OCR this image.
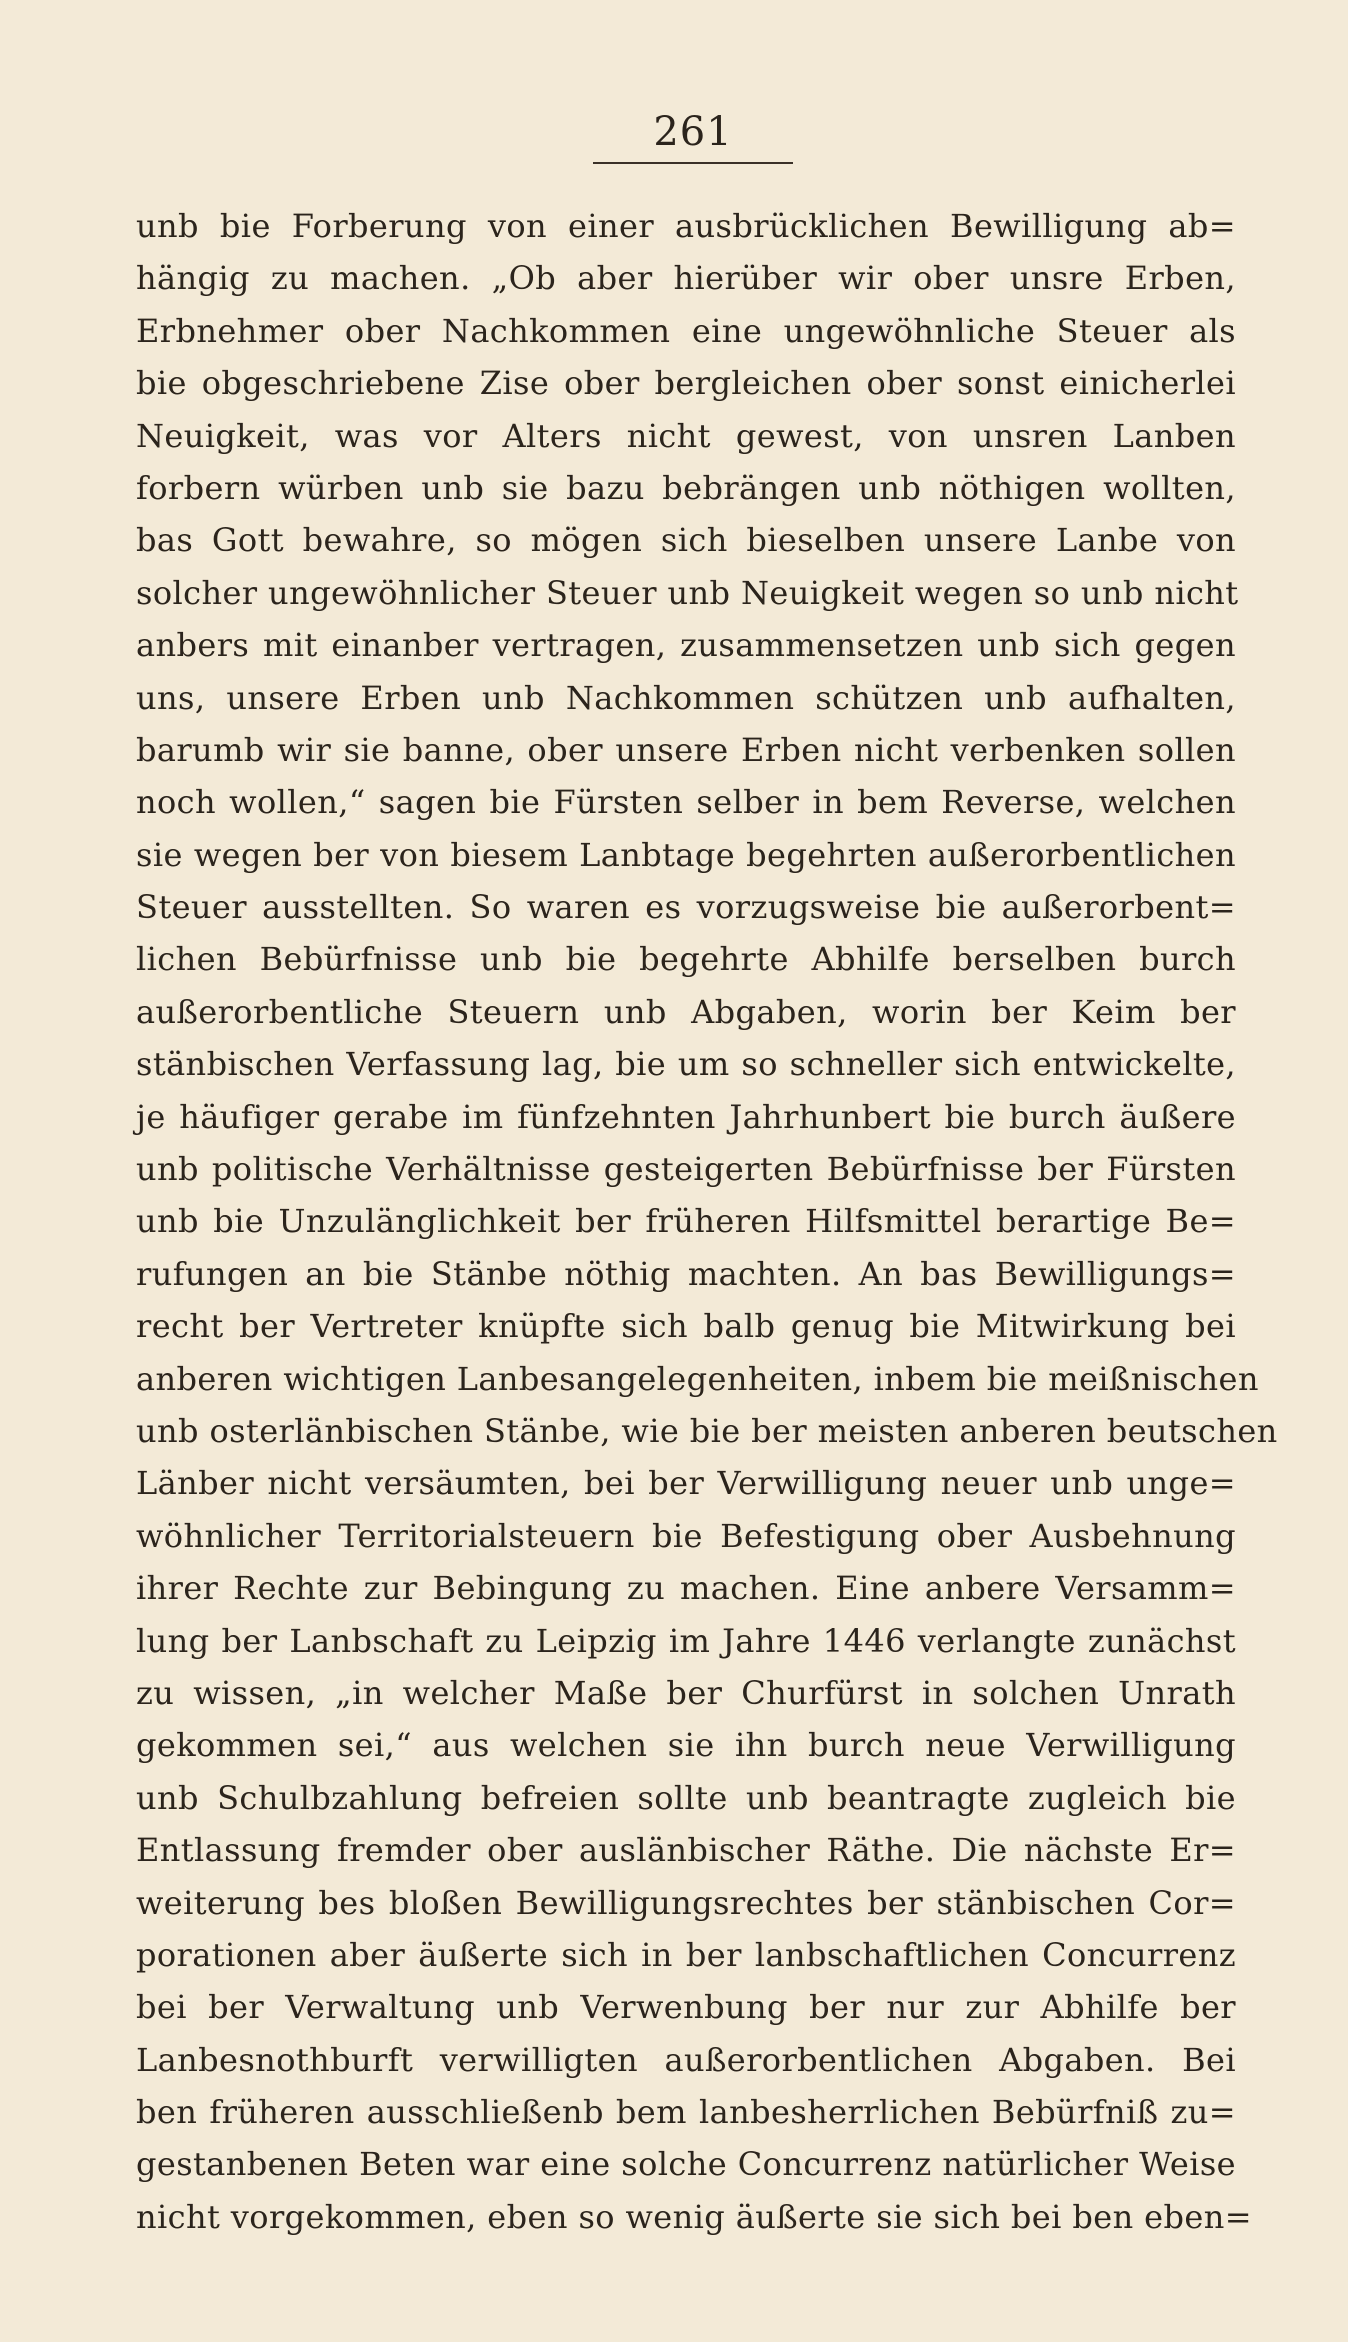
261
unb bie Forberung von einer ausbrücklichen Bewilligung ab=
hängig zu machen. „Ob aber hierüber wir ober unsre Erben,
Erbnehmer ober Nachkommen eine ungewöhnliche Steuer als
bie obgeschriebene Zise ober bergleichen ober sonst einicherlei
Neuigkeit, was vor Alters nicht gewest, von unsren Lanben
forbern würben unb sie bazu bebrängen unb nöthigen wollten,
bas Gott bewahre, so mögen sich bieselben unsere Lanbe von
solcher ungewöhnlicher Steuer unb Neuigkeit wegen so unb nicht
anbers mit einanber vertragen, zusammensetzen unb sich gegen
uns, unsere Erben unb Nachkommen schützen unb aufhalten,
barumb wir sie banne, ober unsere Erben nicht verbenken sollen
noch wollen,“ sagen bie Fürsten selber in bem Reverse, welchen
sie wegen ber von biesem Lanbtage begehrten außerorbentlichen
Steuer ausstellten. So waren es vorzugsweise bie außerorbent=
lichen Bebürfnisse unb bie begehrte Abhilfe berselben burch
außerorbentliche Steuern unb Abgaben, worin ber Keim ber
stänbischen Verfassung lag, bie um so schneller sich entwickelte,
je häufiger gerabe im fünfzehnten Jahrhunbert bie burch äußere
unb politische Verhältnisse gesteigerten Bebürfnisse ber Fürsten
unb bie Unzulänglichkeit ber früheren Hilfsmittel berartige Be=
rufungen an bie Stänbe nöthig machten. An bas Bewilligungs=
recht ber Vertreter knüpfte sich balb genug bie Mitwirkung bei
anberen wichtigen Lanbesangelegenheiten, inbem bie meißnischen
unb osterlänbischen Stänbe, wie bie ber meisten anberen beutschen
Länber nicht versäumten, bei ber Verwilligung neuer unb unge=
wöhnlicher Territorialsteuern bie Befestigung ober Ausbehnung
ihrer Rechte zur Bebingung zu machen. Eine anbere Versamm=
lung ber Lanbschaft zu Leipzig im Jahre 1446 verlangte zunächst
zu wissen, „in welcher Maße ber Churfürst in solchen Unrath
gekommen sei,“ aus welchen sie ihn burch neue Verwilligung
unb Schulbzahlung befreien sollte unb beantragte zugleich bie
Entlassung fremder ober auslänbischer Räthe. Die nächste Er=
weiterung bes bloßen Bewilligungsrechtes ber stänbischen Cor=
porationen aber äußerte sich in ber lanbschaftlichen Concurrenz
bei ber Verwaltung unb Verwenbung ber nur zur Abhilfe ber
Lanbesnothburft verwilligten außerorbentlichen Abgaben. Bei
ben früheren ausschließenb bem lanbesherrlichen Bebürfniß zu=
gestanbenen Beten war eine solche Concurrenz natürlicher Weise
nicht vorgekommen, eben so wenig äußerte sie sich bei ben eben=
